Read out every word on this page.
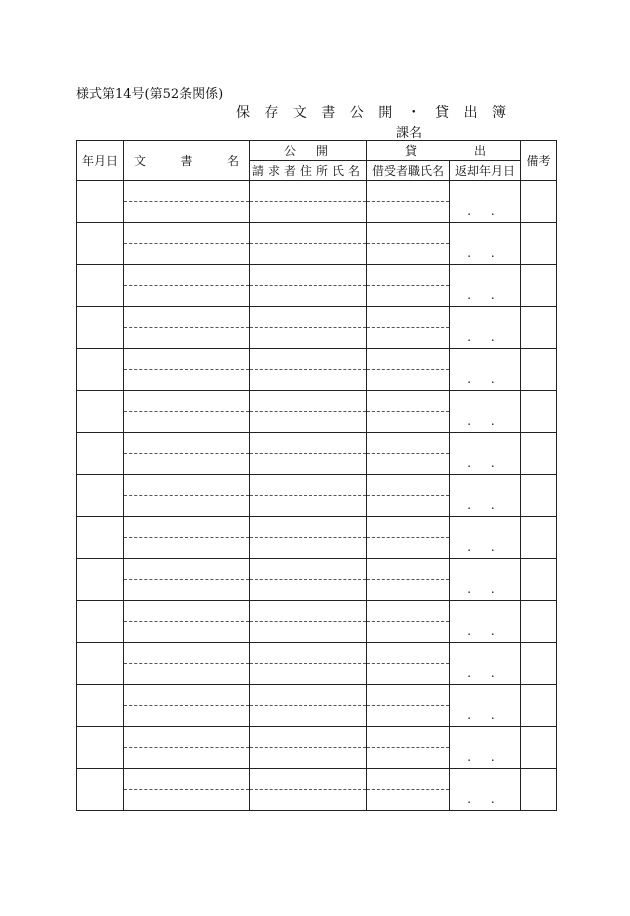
様式第14号(第52条関係)
保 存 文 書 公 開 ・ 貸 出 簿
課名
年月日	文 書 名	公 開	貸 出		備考
		請求者住所氏名	借受者職氏名	返却年月日	
				. .	

				. .	

				. .	

				. .	

				. .	

				. .	

				. .	

				. .	

				. .	

				. .	

				. .	

				. .	

				. .	

				. .	

				. .	
